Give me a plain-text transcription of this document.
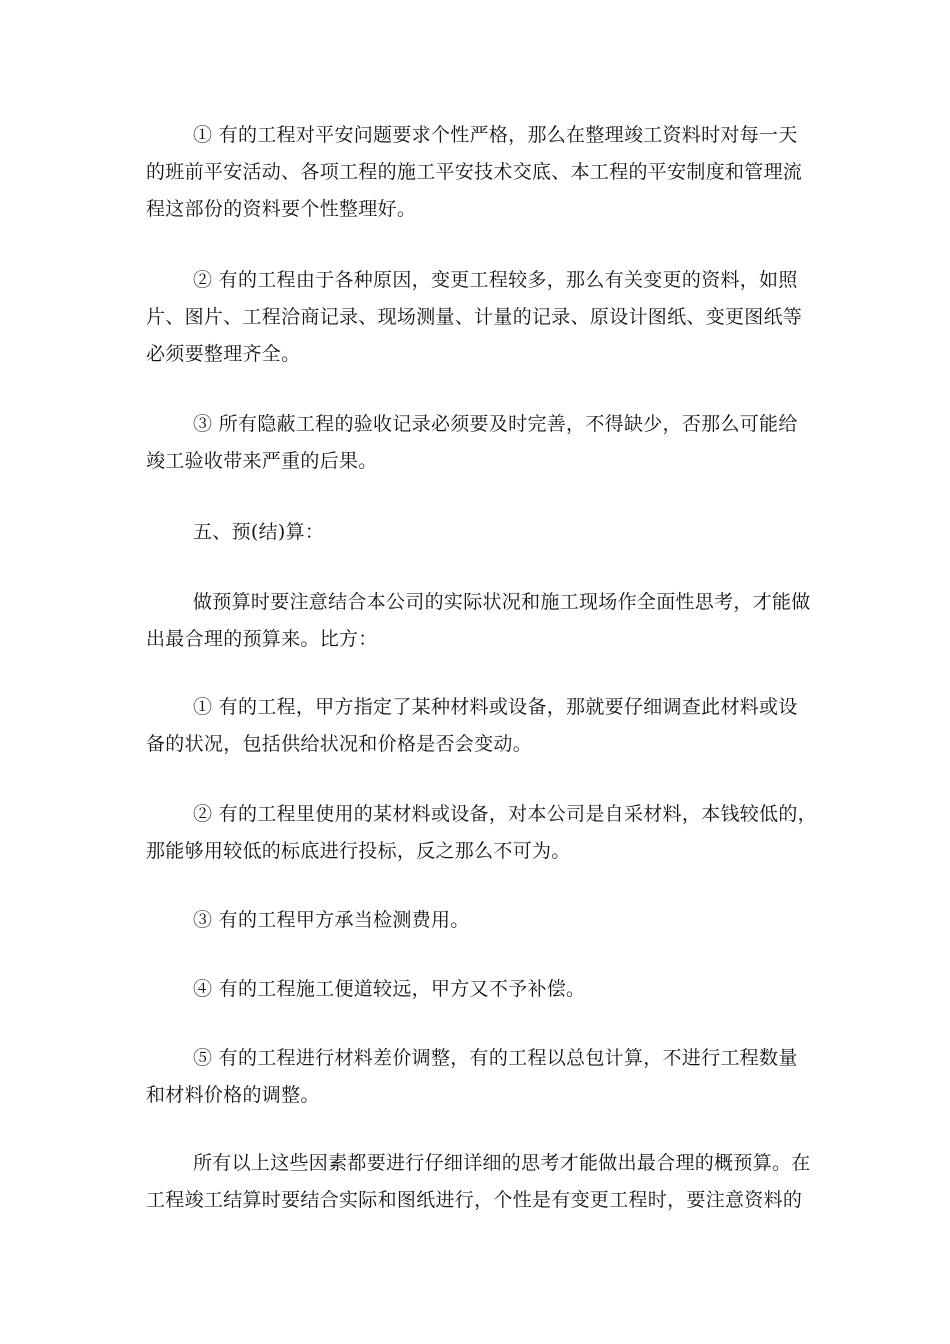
① 有的工程对平安问题要求个性严格，那么在整理竣工资料时对每一天
的班前平安活动、各项工程的施工平安技术交底、本工程的平安制度和管理流
程这部份的资料要个性整理好。
② 有的工程由于各种原因，变更工程较多，那么有关变更的资料，如照
片、图片、工程洽商记录、现场测量、计量的记录、原设计图纸、变更图纸等
必须要整理齐全。
③ 所有隐蔽工程的验收记录必须要及时完善，不得缺少，否那么可能给
竣工验收带来严重的后果。
五、预(结)算：
做预算时要注意结合本公司的实际状况和施工现场作全面性思考，才能做
出最合理的预算来。比方：
① 有的工程，甲方指定了某种材料或设备，那就要仔细调查此材料或设
备的状况，包括供给状况和价格是否会变动。
② 有的工程里使用的某材料或设备，对本公司是自采材料，本钱较低的，
那能够用较低的标底进行投标，反之那么不可为。
③ 有的工程甲方承当检测费用。
④ 有的工程施工便道较远，甲方又不予补偿。
⑤ 有的工程进行材料差价调整，有的工程以总包计算，不进行工程数量
和材料价格的调整。
所有以上这些因素都要进行仔细详细的思考才能做出最合理的概预算。在
工程竣工结算时要结合实际和图纸进行，个性是有变更工程时，要注意资料的
